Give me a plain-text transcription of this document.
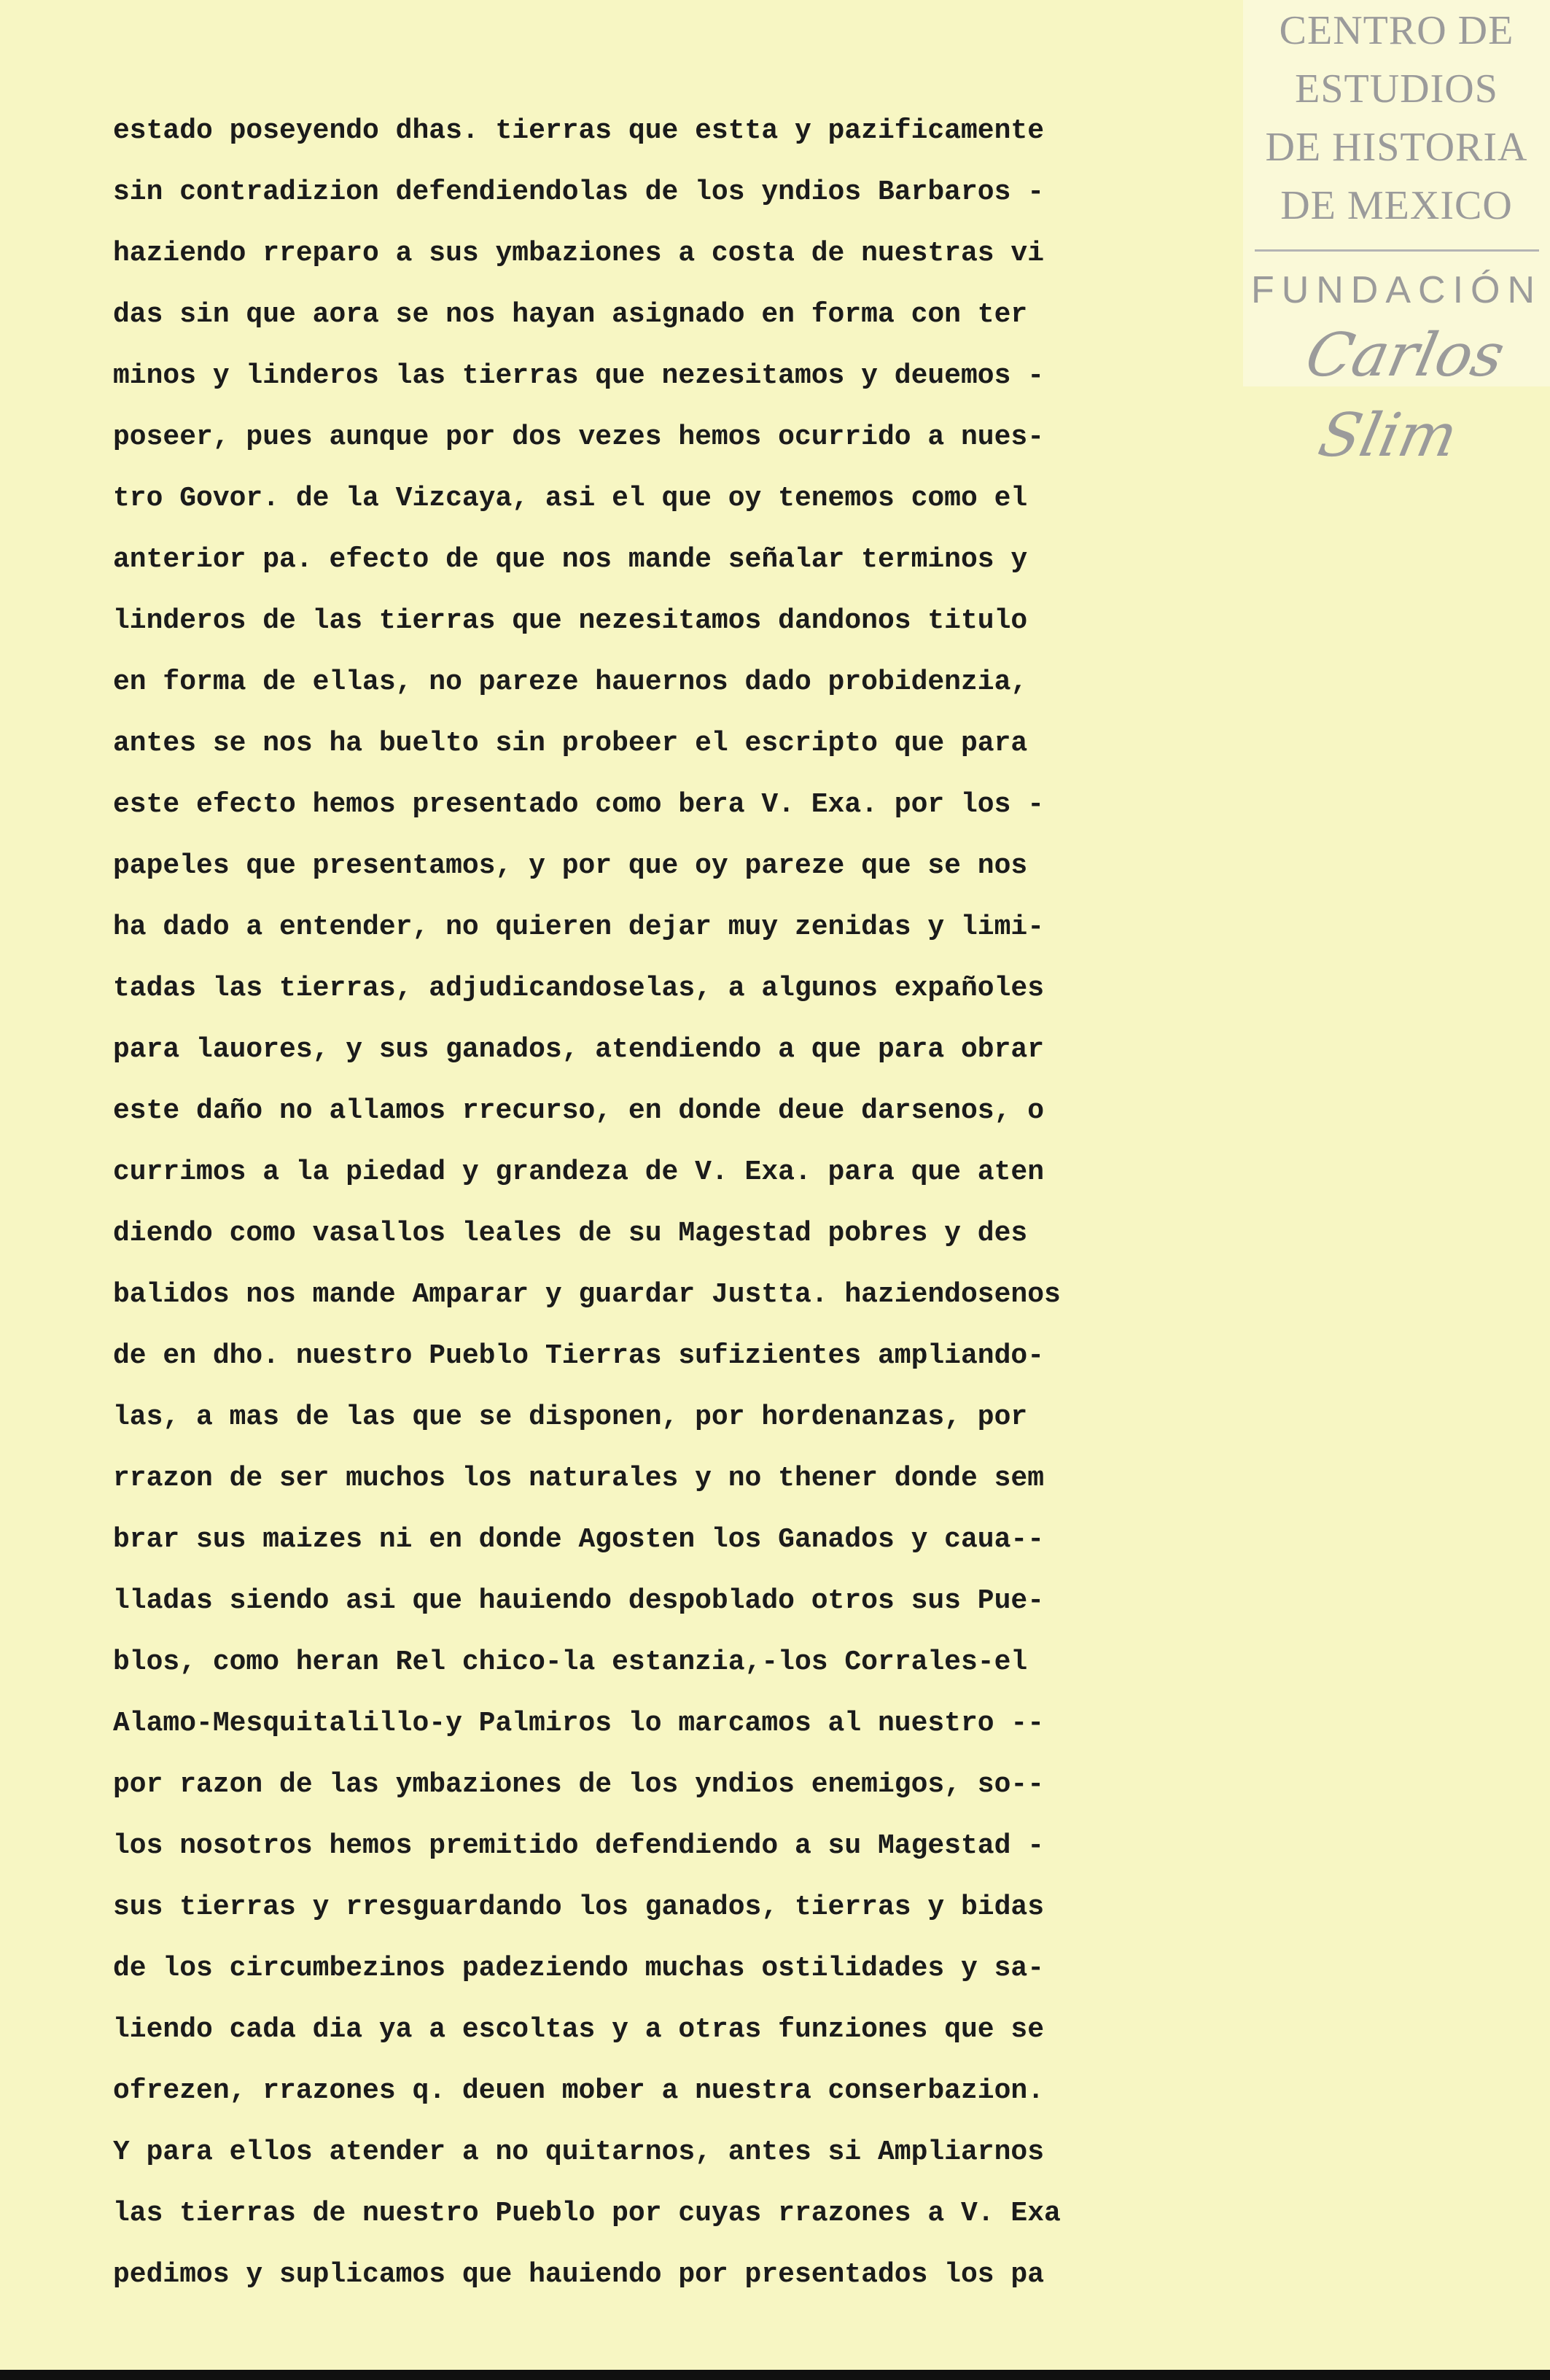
CENTRO DE
ESTUDIOS
DE HISTORIA
DE MEXICO
FUNDACIÓN
Carlos Slim
estado poseyendo dhas. tierras que estta y pazificamente
sin contradizion defendiendolas de los yndios Barbaros -
haziendo rreparo a sus ymbaziones a costa de nuestras vi
das sin que aora se nos hayan asignado en forma con ter
minos y linderos las tierras que nezesitamos y deuemos -
poseer, pues aunque por dos vezes hemos ocurrido a nues-
tro Govor. de la Vizcaya, asi el que oy tenemos como el
anterior pa. efecto de que nos mande señalar terminos y
linderos de las tierras que nezesitamos dandonos titulo
en forma de ellas, no pareze hauernos dado probidenzia,
antes se nos ha buelto sin probeer el escripto que para
este efecto hemos presentado como bera V. Exa. por los -
papeles que presentamos, y por que oy pareze que se nos
ha dado a entender, no quieren dejar muy zenidas y limi-
tadas las tierras, adjudicandoselas, a algunos expañoles
para lauores, y sus ganados, atendiendo a que para obrar
este daño no allamos rrecurso, en donde deue darsenos, o
currimos a la piedad y grandeza de V. Exa. para que aten
diendo como vasallos leales de su Magestad pobres y des
balidos nos mande Amparar y guardar Justta. haziendosenos
de en dho. nuestro Pueblo Tierras sufizientes ampliando-
las, a mas de las que se disponen, por hordenanzas, por
rrazon de ser muchos los naturales y no thener donde sem
brar sus maizes ni en donde Agosten los Ganados y caua--
lladas siendo asi que hauiendo despoblado otros sus Pue-
blos, como heran Rel chico-la estanzia,-los Corrales-el
Alamo-Mesquitalillo-y Palmiros lo marcamos al nuestro --
por razon de las ymbaziones de los yndios enemigos, so--
los nosotros hemos premitido defendiendo a su Magestad -
sus tierras y rresguardando los ganados, tierras y bidas
de los circumbezinos padeziendo muchas ostilidades y sa-
liendo cada dia ya a escoltas y a otras funziones que se
ofrezen, rrazones q. deuen mober a nuestra conserbazion.
Y para ellos atender a no quitarnos, antes si Ampliarnos
las tierras de nuestro Pueblo por cuyas rrazones a V. Exa
pedimos y suplicamos que hauiendo por presentados los pa
